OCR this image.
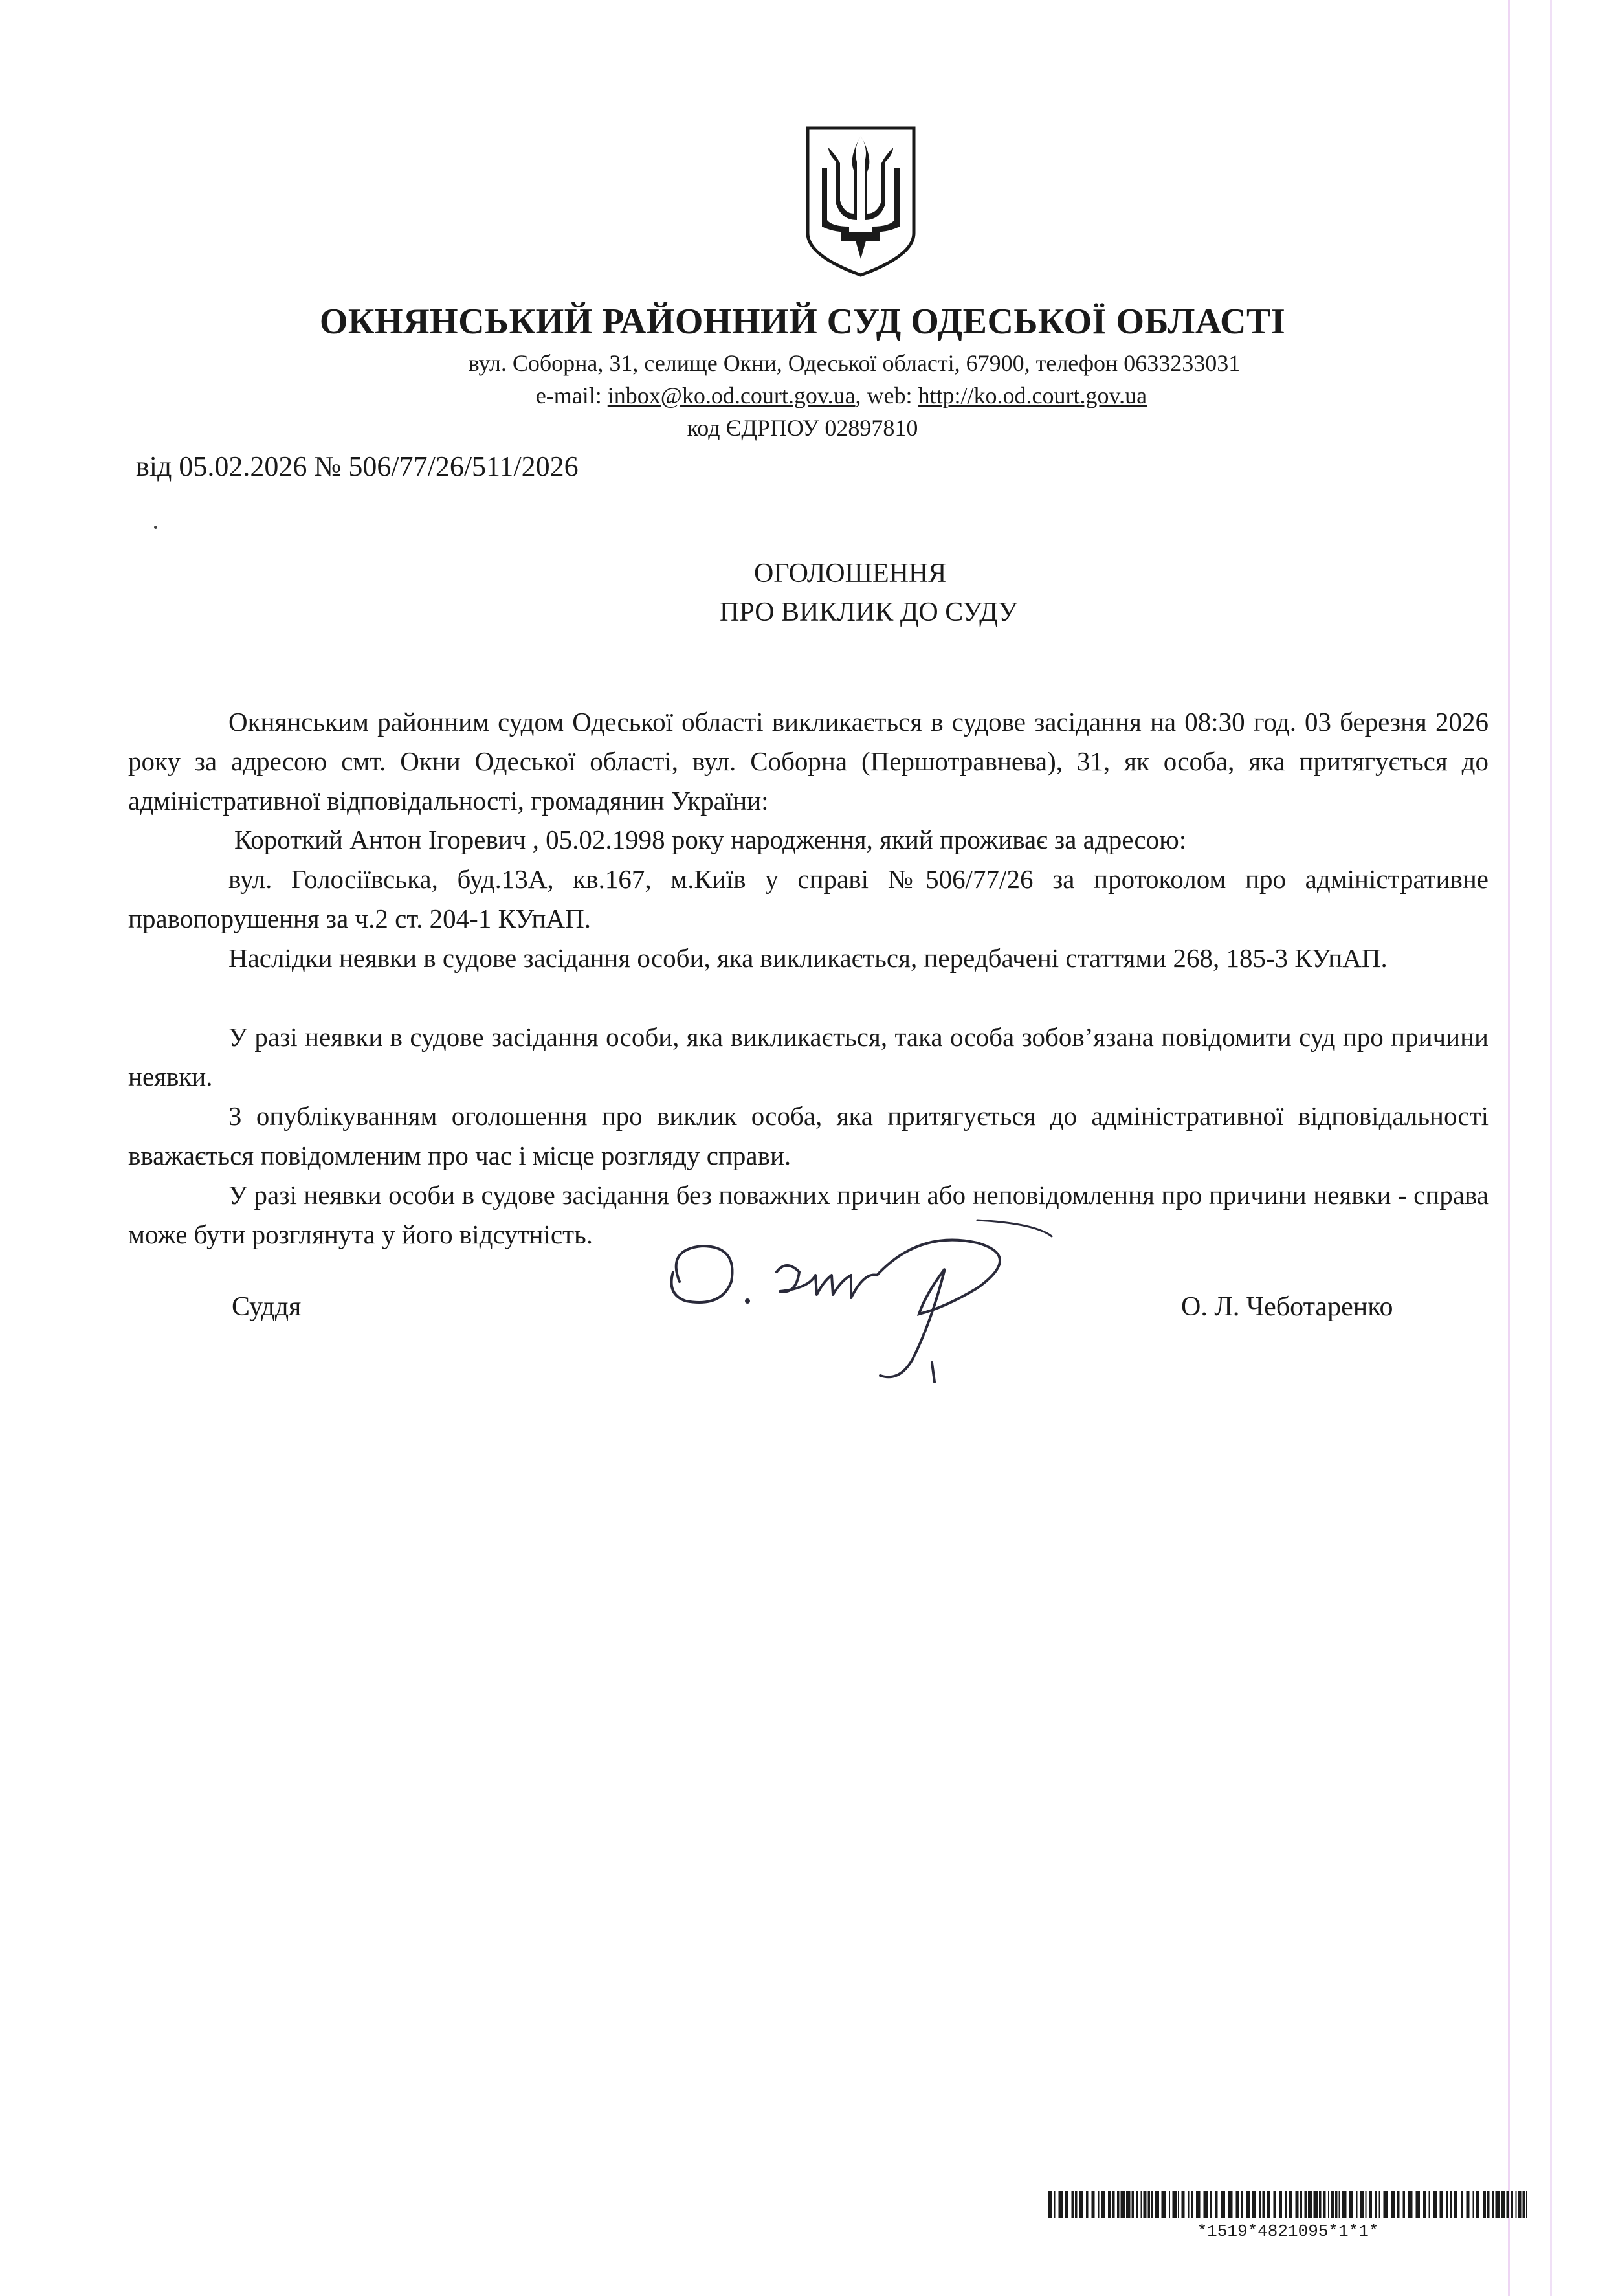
ОКНЯНСЬКИЙ РАЙОННИЙ СУД ОДЕСЬКОЇ ОБЛАСТІ
вул. Соборна, 31, селище Окни, Одеської області, 67900, телефон 0633233031
e-mail: inbox@ko.od.court.gov.ua, web: http://ko.od.court.gov.ua
код ЄДРПОУ 02897810
від 05.02.2026 № 506/77/26/511/2026
ОГОЛОШЕННЯ
ПРО ВИКЛИК ДО СУДУ
Окнянським районним судом Одеської області викликається в судове засідання на 08:30 год. 03 березня 2026 року за адресою смт. Окни Одеської області, вул. Соборна (Першотравнева), 31, як особа, яка притягується до адміністративної відповідальності, громадянин України:
Короткий Антон Ігоревич , 05.02.1998 року народження, який проживає за адресою:
вул. Голосіївська, буд.13А, кв.167, м.Київ у справі №506/77/26 за протоколом про адміністративне правопорушення за ч.2 ст. 204-1 КУпАП.
Наслідки неявки в судове засідання особи, яка викликається, передбачені статтями 268, 185-3 КУпАП.
У разі неявки в судове засідання особи, яка викликається, така особа зобов’язана повідомити суд про причини неявки.
З опублікуванням оголошення про виклик особа, яка притягується до адміністративної відповідальності вважається повідомленим про час і місце розгляду справи.
У разі неявки особи в судове засідання без поважних причин або неповідомлення про причини неявки - справа може бути розглянута у його відсутність.
Суддя	О. Л. Чеботаренко
*1519*4821095*1*1*
